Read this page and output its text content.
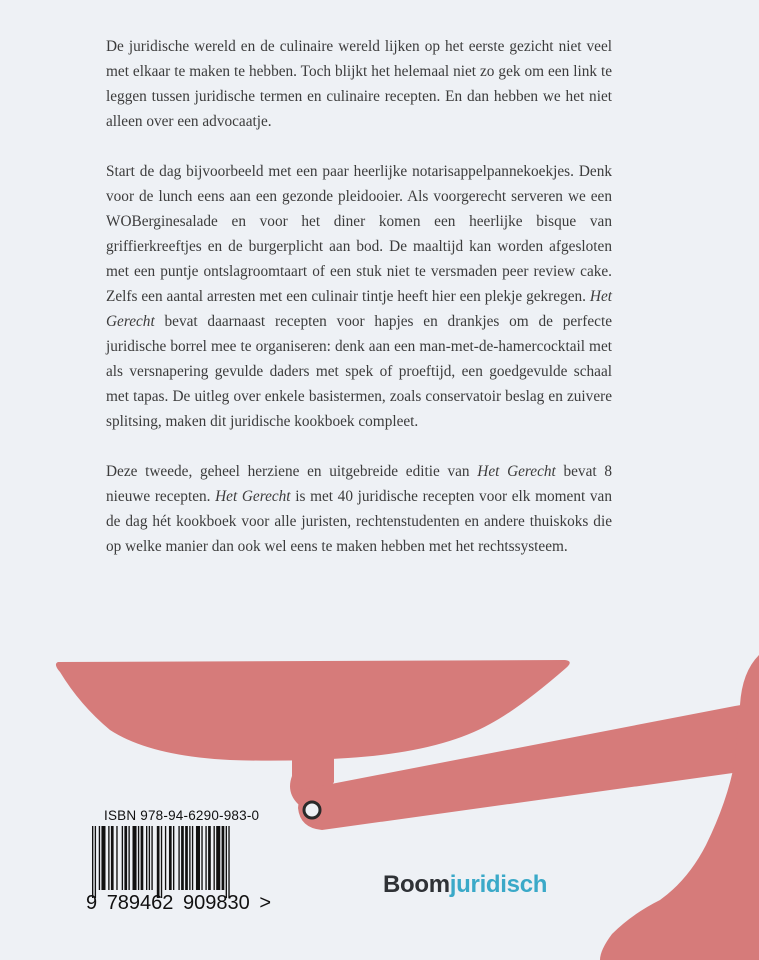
De juridische wereld en de culinaire wereld lijken op het eerste gezicht niet veel met elkaar te maken te hebben. Toch blijkt het helemaal niet zo gek om een link te leggen tussen juridische termen en culinaire recepten. En dan hebben we het niet alleen over een advocaatje.

Start de dag bijvoorbeeld met een paar heerlijke notarisappelpannekoekjes. Denk voor de lunch eens aan een gezonde pleidooier. Als voorgerecht serveren we een WOBerginesalade en voor het diner komen een heerlijke bisque van griffierkreeftjes en de burgerplicht aan bod. De maaltijd kan worden afgesloten met een puntje ontslagroomtaart of een stuk niet te versmaden peer review cake. Zelfs een aantal arresten met een culinair tintje heeft hier een plekje gekregen. Het Gerecht bevat daarnaast recepten voor hapjes en drankjes om de perfecte juridische borrel mee te organiseren: denk aan een man-met-de-hamercocktail met als versnapering gevulde daders met spek of proeftijd, een goedgevulde schaal met tapas. De uitleg over enkele basistermen, zoals conservatoir beslag en zuivere splitsing, maken dit juridische kookboek compleet.

Deze tweede, geheel herziene en uitgebreide editie van Het Gerecht bevat 8 nieuwe recepten. Het Gerecht is met 40 juridische recepten voor elk moment van de dag hét kookboek voor alle juristen, rechtenstudenten en andere thuiskoks die op welke manier dan ook wel eens te maken hebben met het rechtssysteem.

ISBN 978-94-6290-983-0
9 789462 909830 >
Boomjuridisch
